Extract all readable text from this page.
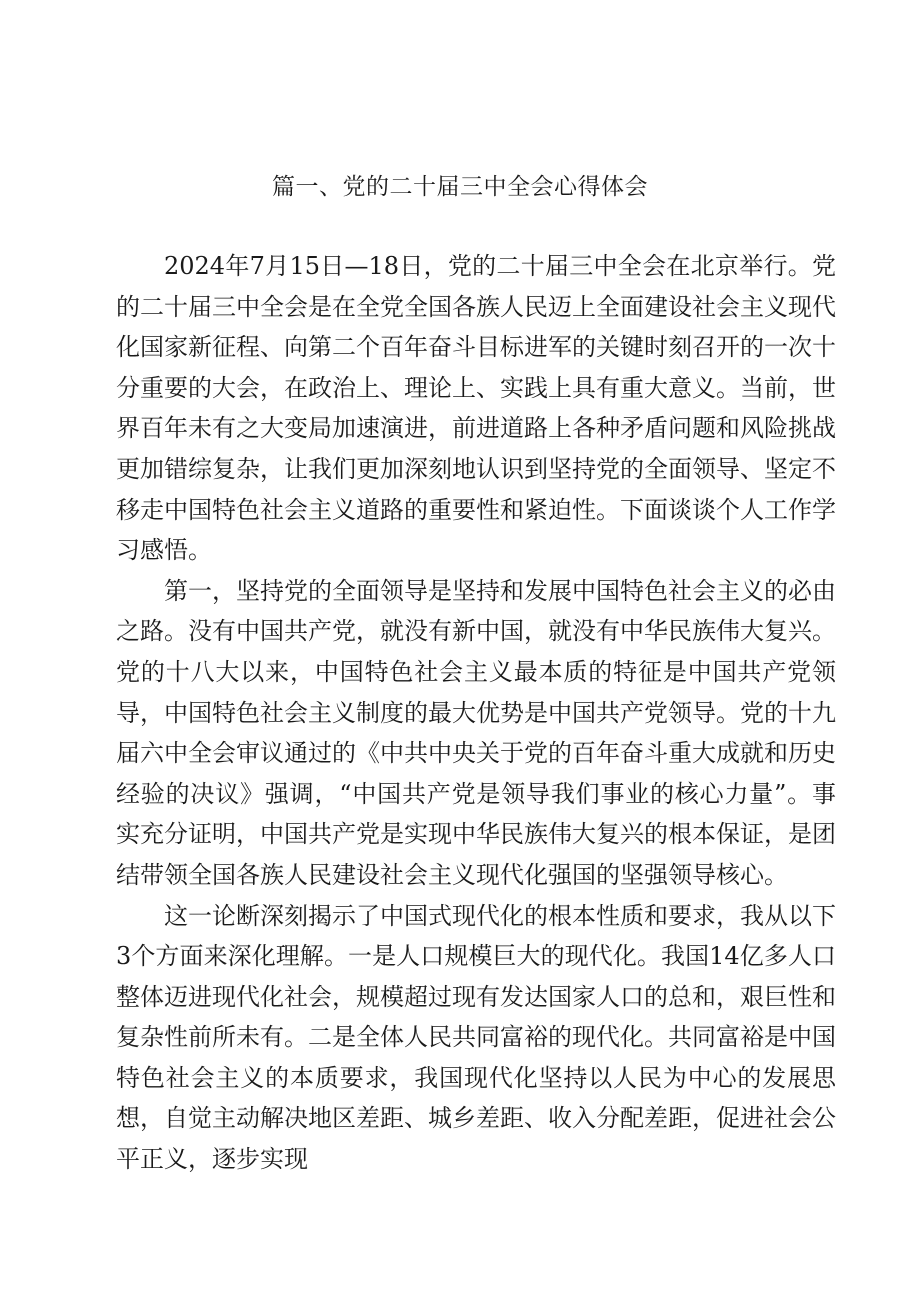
篇一、党的二十届三中全会心得体会

2024年7月15日—18日，党的二十届三中全会在北京举行。党的二十届三中全会是在全党全国各族人民迈上全面建设社会主义现代化国家新征程、向第二个百年奋斗目标进军的关键时刻召开的一次十分重要的大会，在政治上、理论上、实践上具有重大意义。当前，世界百年未有之大变局加速演进，前进道路上各种矛盾问题和风险挑战更加错综复杂，让我们更加深刻地认识到坚持党的全面领导、坚定不移走中国特色社会主义道路的重要性和紧迫性。下面谈谈个人工作学习感悟。

第一，坚持党的全面领导是坚持和发展中国特色社会主义的必由之路。没有中国共产党，就没有新中国，就没有中华民族伟大复兴。党的十八大以来，中国特色社会主义最本质的特征是中国共产党领导，中国特色社会主义制度的最大优势是中国共产党领导。党的十九届六中全会审议通过的《中共中央关于党的百年奋斗重大成就和历史经验的决议》强调，“中国共产党是领导我们事业的核心力量”。事实充分证明，中国共产党是实现中华民族伟大复兴的根本保证，是团结带领全国各族人民建设社会主义现代化强国的坚强领导核心。

这一论断深刻揭示了中国式现代化的根本性质和要求，我从以下3个方面来深化理解。一是人口规模巨大的现代化。我国14亿多人口整体迈进现代化社会，规模超过现有发达国家人口的总和，艰巨性和复杂性前所未有。二是全体人民共同富裕的现代化。共同富裕是中国特色社会主义的本质要求，我国现代化坚持以人民为中心的发展思想，自觉主动解决地区差距、城乡差距、收入分配差距，促进社会公平正义，逐步实现
